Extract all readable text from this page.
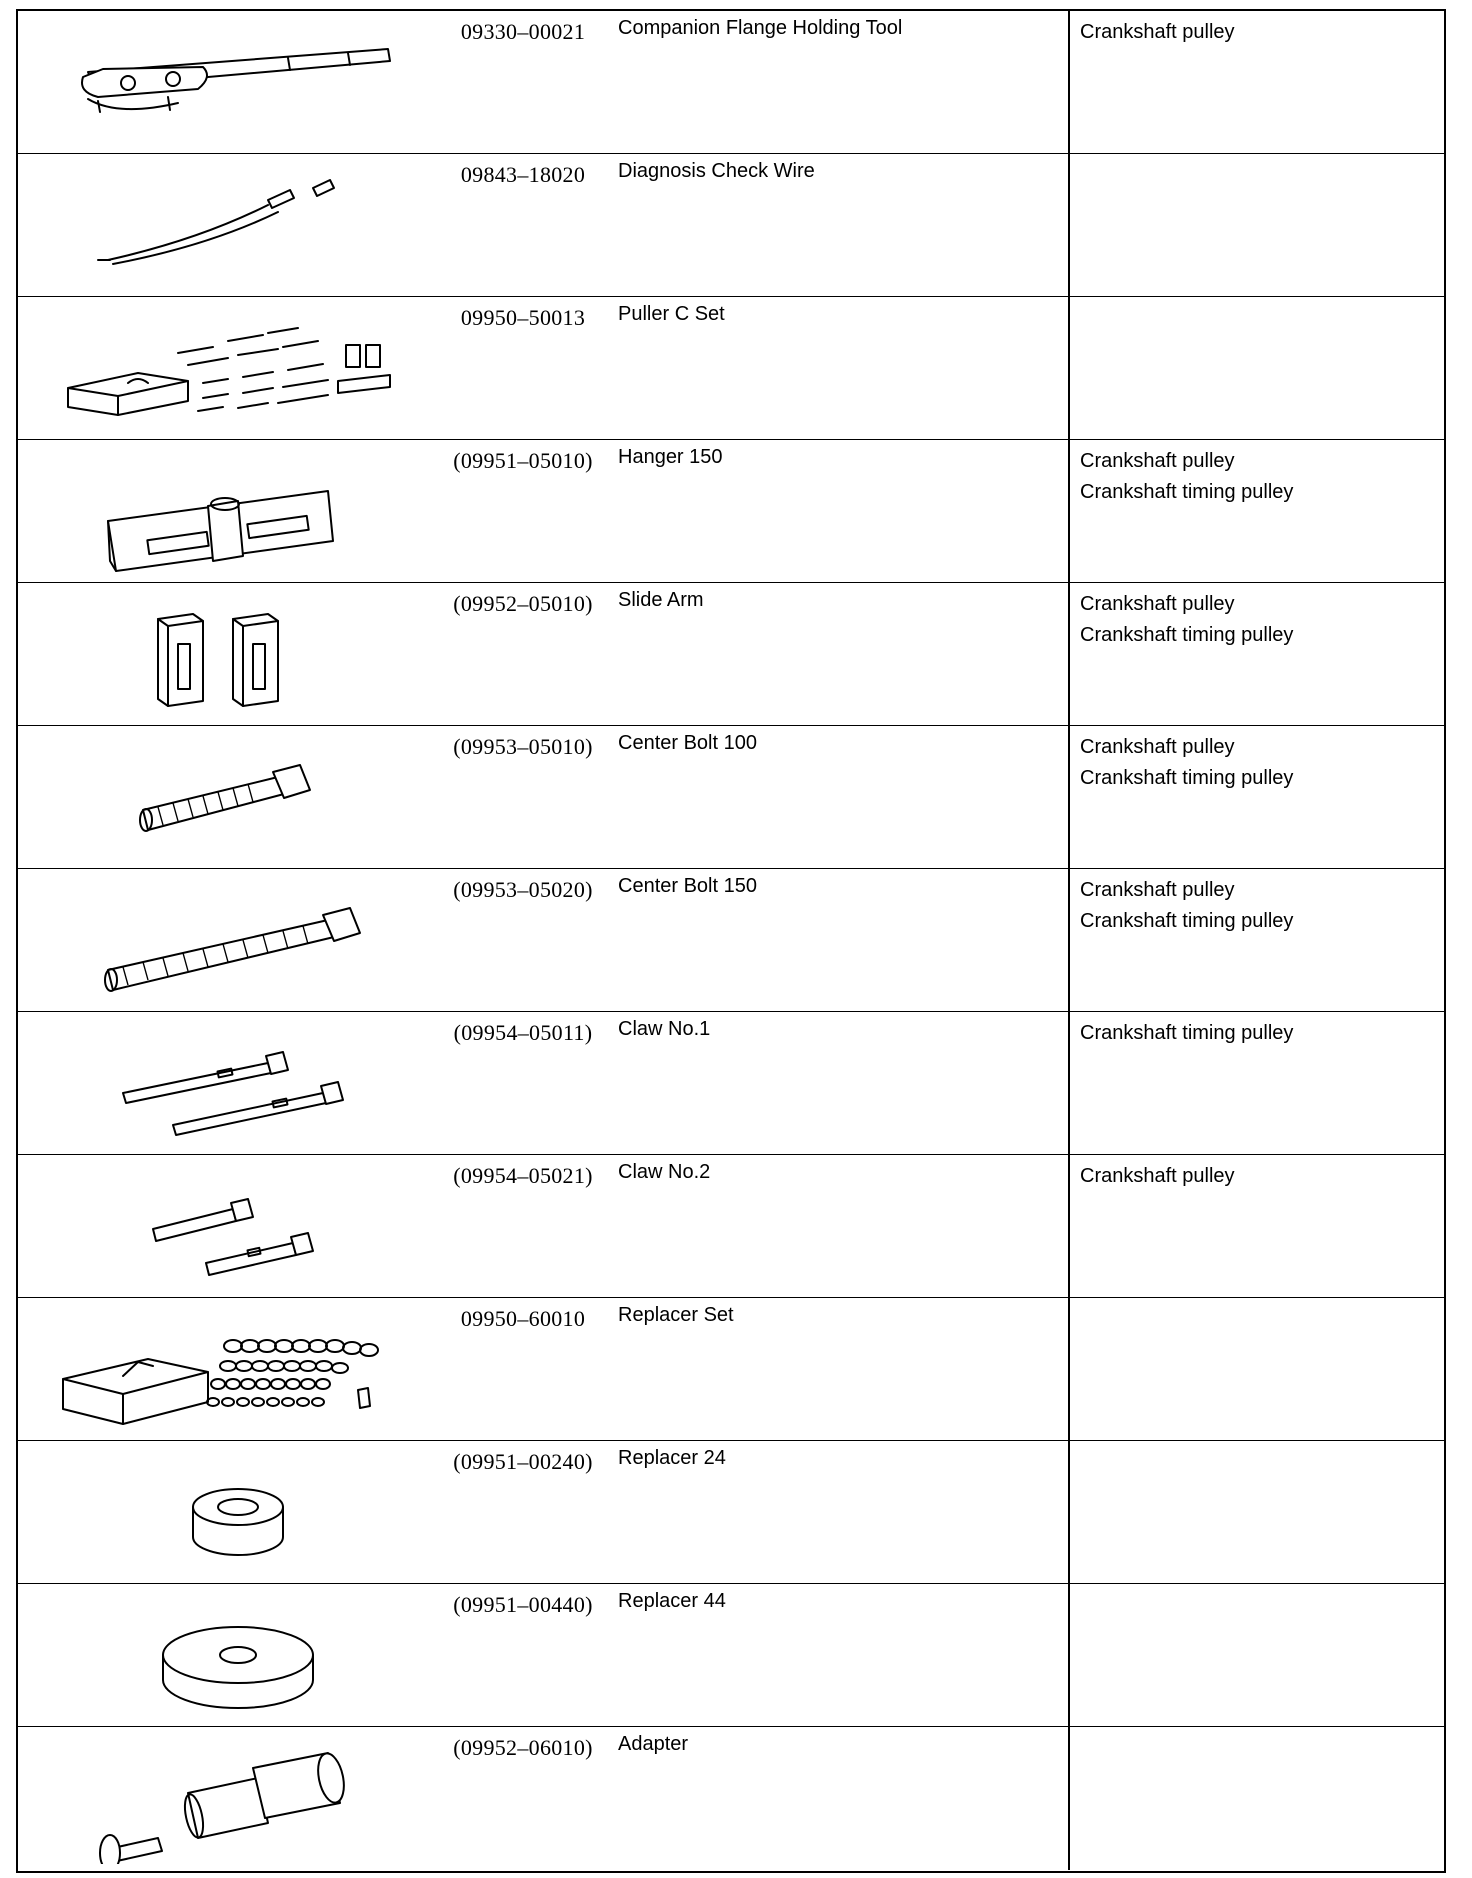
09330–00021	Companion Flange Holding Tool	Crankshaft pulley
09843–18020	Diagnosis Check Wire
09950–50013	Puller C Set
(09951–05010)	Hanger 150	Crankshaft pulley
Crankshaft timing pulley
(09952–05010)	Slide Arm	Crankshaft pulley
Crankshaft timing pulley
(09953–05010)	Center Bolt 100	Crankshaft pulley
Crankshaft timing pulley
(09953–05020)	Center Bolt 150	Crankshaft pulley
Crankshaft timing pulley
(09954–05011)	Claw No.1	Crankshaft timing pulley
(09954–05021)	Claw No.2	Crankshaft pulley
09950–60010	Replacer Set
(09951–00240)	Replacer 24
(09951–00440)	Replacer 44
(09952–06010)	Adapter
